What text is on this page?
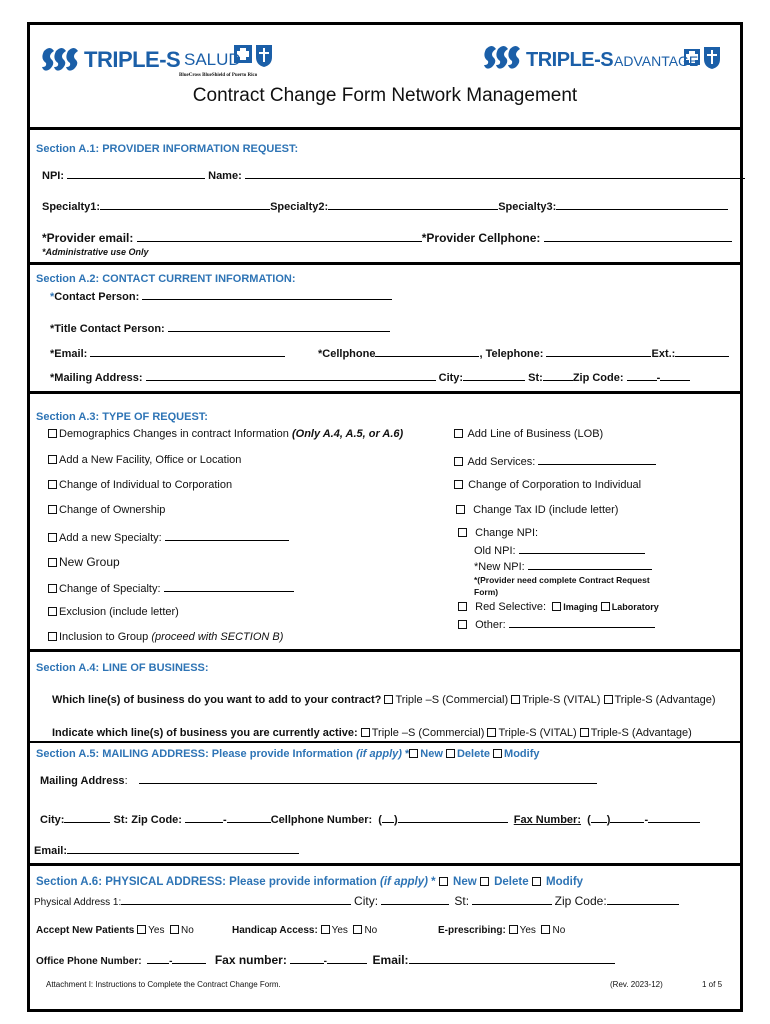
TRIPLE-S SALUD
BlueCross BlueShield of Puerto Rico
TRIPLE-S ADVANTAGE
Contract Change Form Network Management
Section A.1: PROVIDER INFORMATION REQUEST:
NPI:	Name:
Specialty1:	Specialty2:	Specialty3:
*Provider email:	*Provider Cellphone:
*Administrative use Only
Section A.2: CONTACT CURRENT INFORMATION:
*Contact Person:
*Title Contact Person:
*Email:	*Cellphone	, Telephone:	Ext.:
*Mailing Address:	City:	St:	Zip Code:	-
Section A.3: TYPE OF REQUEST:
Demographics Changes in contract Information (Only A.4, A.5, or A.6)
Add a New Facility, Office or Location
Change of Individual to Corporation
Change of Ownership
Add a new Specialty:
New Group
Change of Specialty:
Exclusion (include letter)
Inclusion to Group (proceed with SECTION B)
Add Line of Business (LOB)
Add Services:
Change of Corporation to Individual
Change Tax ID (include letter)
Change NPI:
Old NPI:
*New NPI:
*(Provider need complete Contract Request
Form)
Red Selective: Imaging Laboratory
Other:
Section A.4: LINE OF BUSINESS:
Which line(s) of business do you want to add to your contract? Triple –S (Commercial) Triple-S (VITAL) Triple-S (Advantage)
Indicate which line(s) of business you are currently active: Triple –S (Commercial) Triple-S (VITAL) Triple-S (Advantage)
Section A.5: MAILING ADDRESS: Please provide Information (if apply) * New Delete Modify
Mailing Address:
City:	St: Zip Code:	-	Cellphone Number: ( )	Fax Number: ( )	-
Email:
Section A.6: PHYSICAL ADDRESS: Please provide information (if apply) * New Delete Modify
Physical Address 1:	City:	St:	Zip Code:
Accept New Patients Yes No	Handicap Access: Yes No	E-prescribing: Yes No
Office Phone Number:	-	Fax number:	-	Email:
Attachment I: Instructions to Complete the Contract Change Form.	(Rev. 2023-12)	1 of 5
